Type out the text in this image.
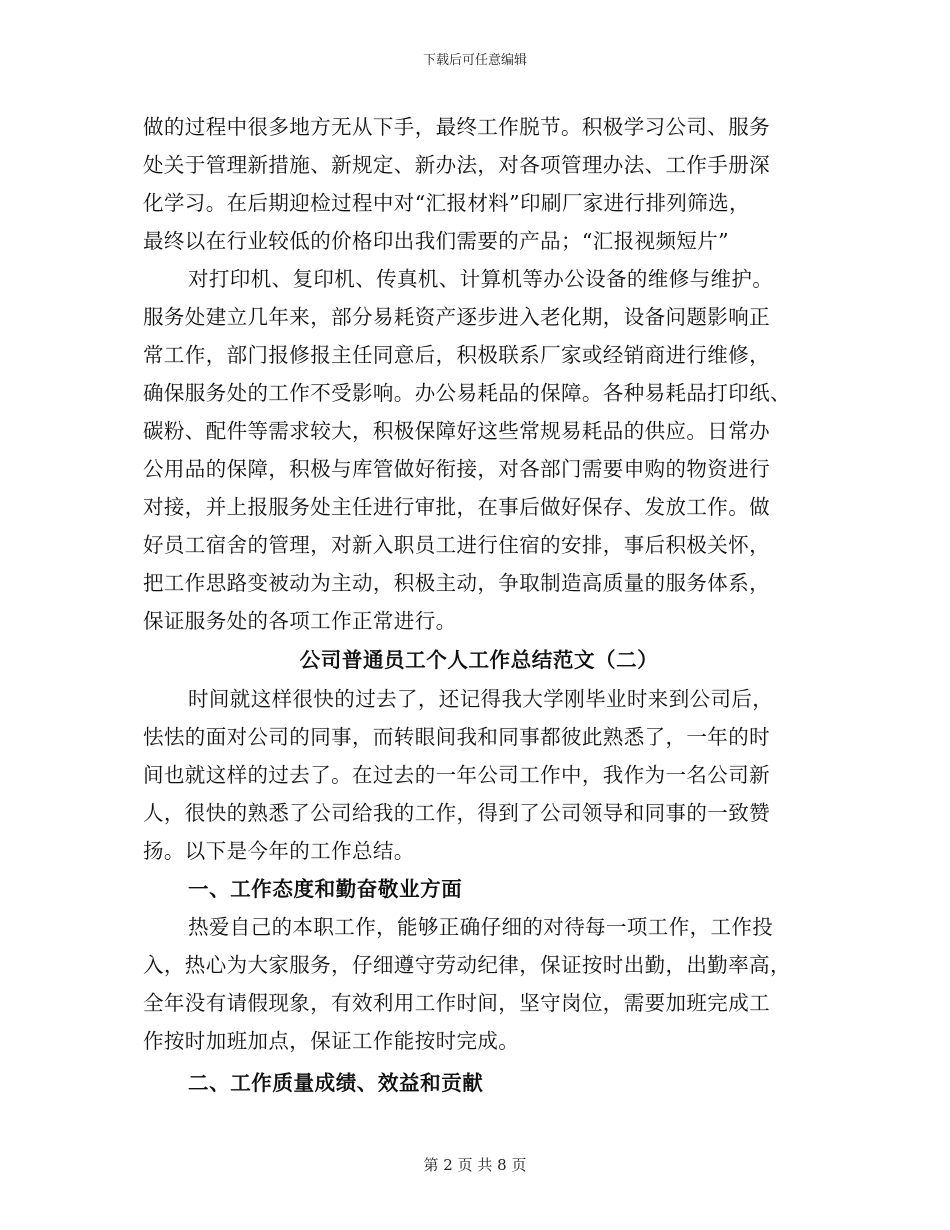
下载后可任意编辑
做的过程中很多地方无从下手，最终工作脱节。积极学习公司、服务
处关于管理新措施、新规定、新办法，对各项管理办法、工作手册深
化学习。在后期迎检过程中对“汇报材料”印刷厂家进行排列筛选，
最终以在行业较低的价格印出我们需要的产品；“汇报视频短片”
对打印机、复印机、传真机、计算机等办公设备的维修与维护。
服务处建立几年来，部分易耗资产逐步进入老化期，设备问题影响正
常工作，部门报修报主任同意后，积极联系厂家或经销商进行维修，
确保服务处的工作不受影响。办公易耗品的保障。各种易耗品打印纸、
碳粉、配件等需求较大，积极保障好这些常规易耗品的供应。日常办
公用品的保障，积极与库管做好衔接，对各部门需要申购的物资进行
对接，并上报服务处主任进行审批，在事后做好保存、发放工作。做
好员工宿舍的管理，对新入职员工进行住宿的安排，事后积极关怀，
把工作思路变被动为主动，积极主动，争取制造高质量的服务体系，
保证服务处的各项工作正常进行。
公司普通员工个人工作总结范文（二）
时间就这样很快的过去了，还记得我大学刚毕业时来到公司后，
怯怯的面对公司的同事，而转眼间我和同事都彼此熟悉了，一年的时
间也就这样的过去了。在过去的一年公司工作中，我作为一名公司新
人，很快的熟悉了公司给我的工作，得到了公司领导和同事的一致赞
扬。以下是今年的工作总结。
一、工作态度和勤奋敬业方面
热爱自己的本职工作，能够正确仔细的对待每一项工作，工作投
入，热心为大家服务，仔细遵守劳动纪律，保证按时出勤，出勤率高，
全年没有请假现象，有效利用工作时间，坚守岗位，需要加班完成工
作按时加班加点，保证工作能按时完成。
二、工作质量成绩、效益和贡献
第 2 页 共 8 页
